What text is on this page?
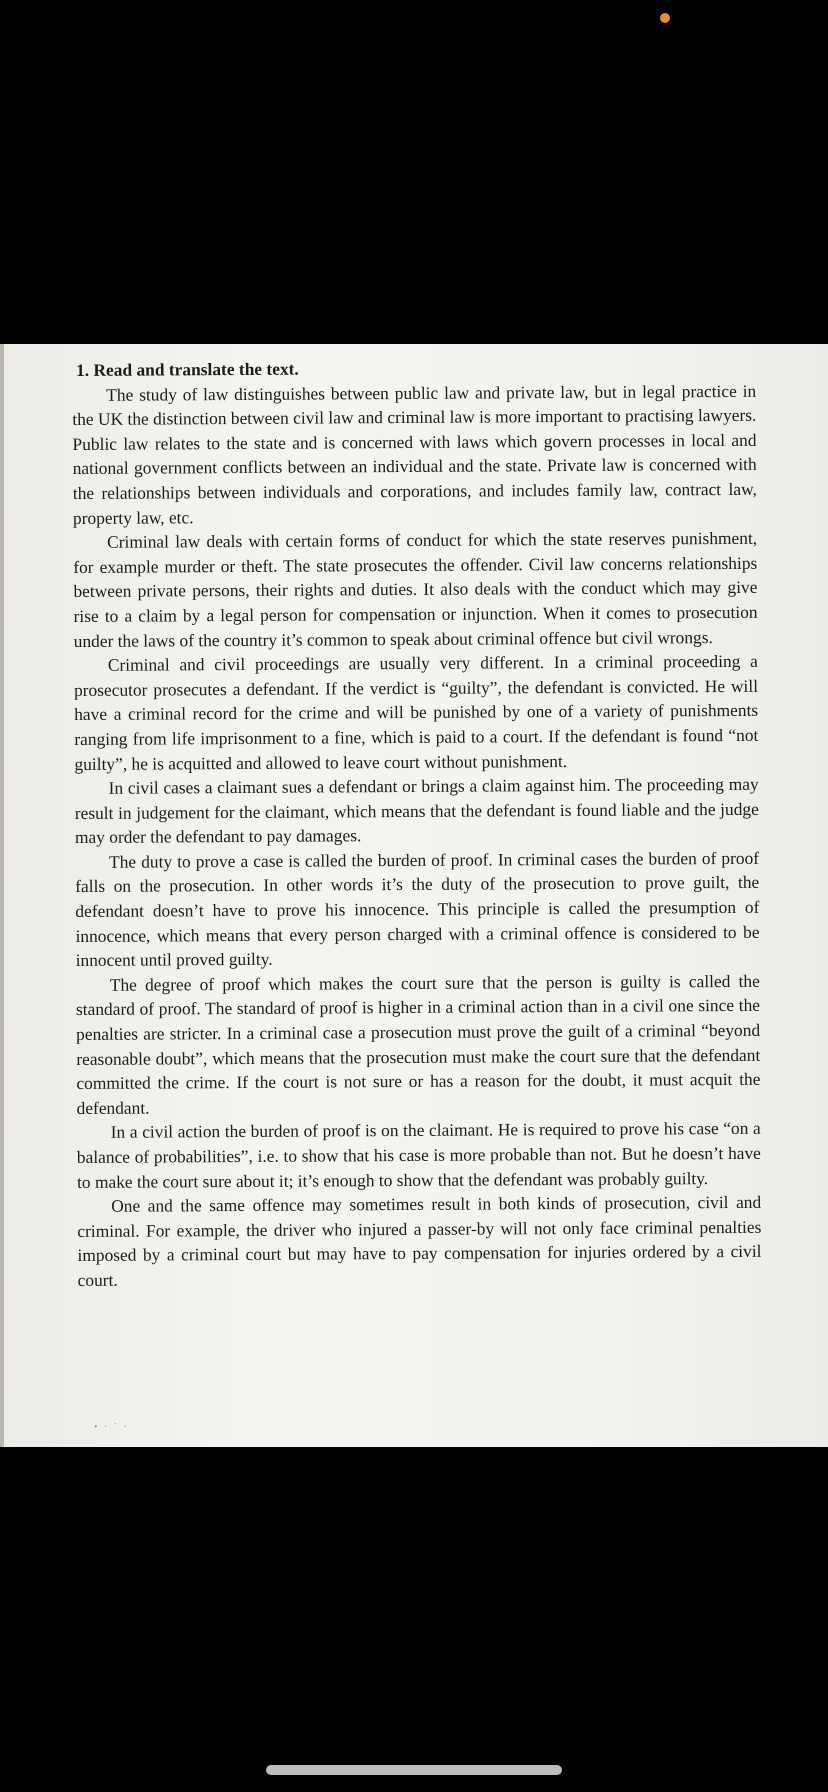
1. Read and translate the text.

The study of law distinguishes between public law and private law, but in legal practice in the UK the distinction between civil law and criminal law is more important to practising lawyers. Public law relates to the state and is concerned with laws which govern processes in local and national government conflicts between an individual and the state. Private law is concerned with the relationships between individuals and corporations, and includes family law, contract law, property law, etc.

Criminal law deals with certain forms of conduct for which the state reserves punishment, for example murder or theft. The state prosecutes the offender. Civil law concerns relationships between private persons, their rights and duties. It also deals with the conduct which may give rise to a claim by a legal person for compensation or injunction. When it comes to prosecution under the laws of the country it’s common to speak about criminal offence but civil wrongs.

Criminal and civil proceedings are usually very different. In a criminal proceeding a prosecutor prosecutes a defendant. If the verdict is “guilty”, the defendant is convicted. He will have a criminal record for the crime and will be punished by one of a variety of punishments ranging from life imprisonment to a fine, which is paid to a court. If the defendant is found “not guilty”, he is acquitted and allowed to leave court without punishment.

In civil cases a claimant sues a defendant or brings a claim against him. The proceeding may result in judgement for the claimant, which means that the defendant is found liable and the judge may order the defendant to pay damages.

The duty to prove a case is called the burden of proof. In criminal cases the burden of proof falls on the prosecution. In other words it’s the duty of the prosecution to prove guilt, the defendant doesn’t have to prove his innocence. This principle is called the presumption of innocence, which means that every person charged with a criminal offence is considered to be innocent until proved guilty.

The degree of proof which makes the court sure that the person is guilty is called the standard of proof. The standard of proof is higher in a criminal action than in a civil one since the penalties are stricter. In a criminal case a prosecution must prove the guilt of a criminal “beyond reasonable doubt”, which means that the prosecution must make the court sure that the defendant committed the crime. If the court is not sure or has a reason for the doubt, it must acquit the defendant.

In a civil action the burden of proof is on the claimant. He is required to prove his case “on a balance of probabilities”, i.e. to show that his case is more probable than not. But he doesn’t have to make the court sure about it; it’s enough to show that the defendant was probably guilty.

One and the same offence may sometimes result in both kinds of prosecution, civil and criminal. For example, the driver who injured a passer-by will not only face criminal penalties imposed by a criminal court but may have to pay compensation for injuries ordered by a civil court.

• ‧ ˙ ‧
